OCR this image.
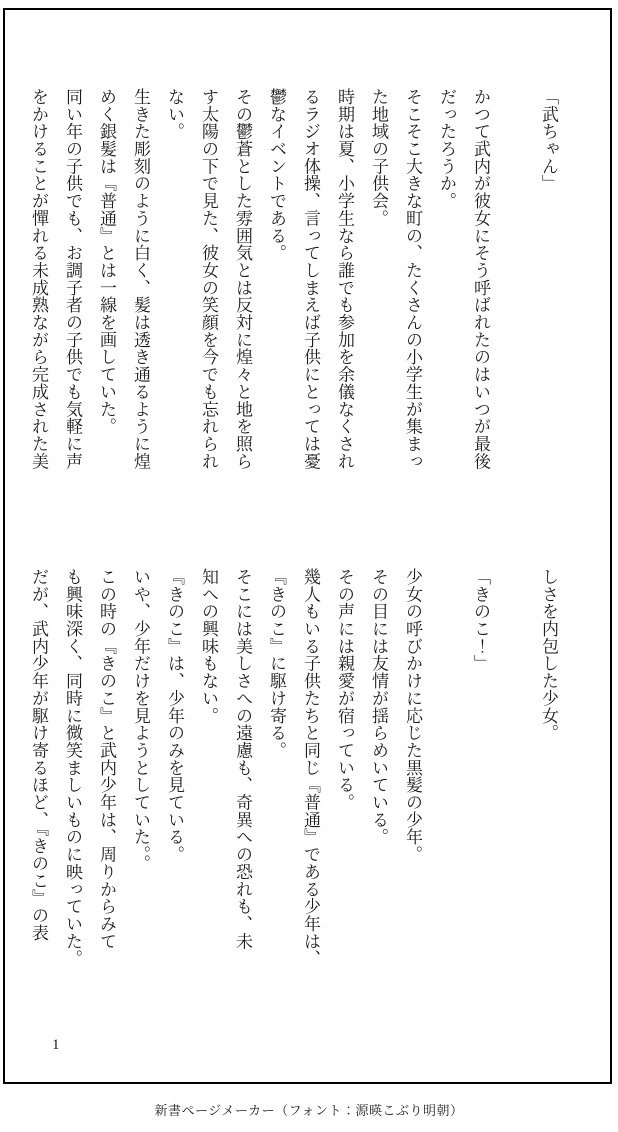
「武ちゃん」

かつて武内が彼女にそう呼ばれたのはいつが最後

だったろうか。

そこそこ大きな町の、たくさんの小学生が集まっ

た地域の子供会。

時期は夏、小学生なら誰でも参加を余儀なくされ

るラジオ体操、言ってしまえば子供にとっては憂

鬱なイベントである。

その鬱蒼とした雰囲気とは反対に煌々と地を照ら

す太陽の下で見た、彼女の笑顔を今でも忘れられ

ない。

生きた彫刻のように白く、髪は透き通るように煌

めく銀髪は『普通』とは一線を画していた。

同い年の子供でも、お調子者の子供でも気軽に声

をかけることが憚れる未成熟ながら完成された美

しさを内包した少女。

「きのこ！」

少女の呼びかけに応じた黒髪の少年。

その目には友情が揺らめいている。

その声には親愛が宿っている。

幾人もいる子供たちと同じ『普通』である少年は、

『きのこ』に駆け寄る。

そこには美しさへの遠慮も、奇異への恐れも、未

知への興味もない。

『きのこ』は、少年のみを見ている。

いや、少年だけを見ようとしていた。。

この時の『きのこ』と武内少年は、周りからみて

も興味深く、同時に微笑ましいものに映っていた。

だが、武内少年が駆け寄るほど、『きのこ』の表

1
新書ページメーカー（フォント：源暎こぶり明朝）
